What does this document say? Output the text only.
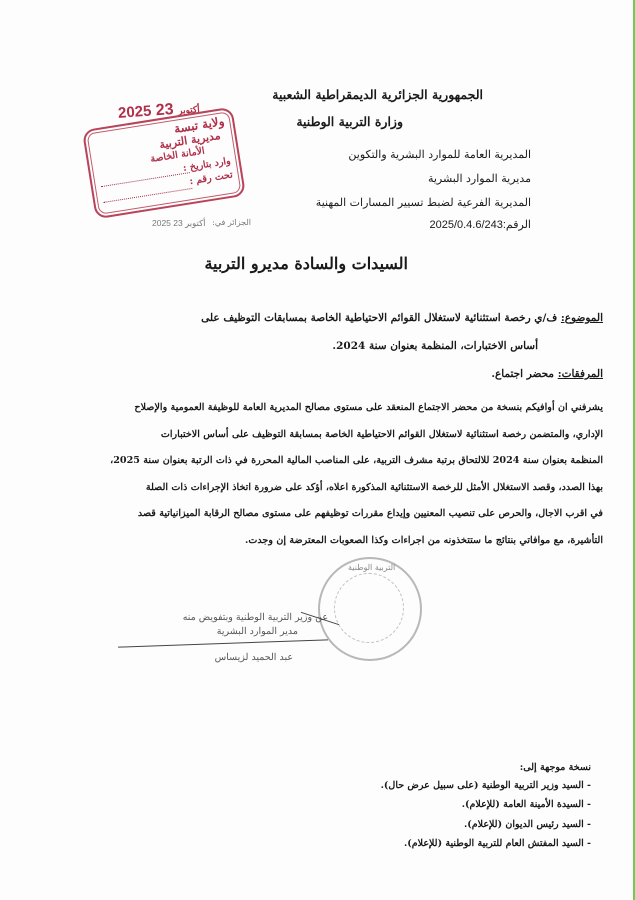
الجمهورية الجزائرية الديمقراطية الشعبية
وزارة التربية الوطنية
المديرية العامة للموارد البشرية والتكوين
مديرية الموارد البشرية
المديرية الفرعية لضبط تسيير المسارات المهنية
الرقم:2025/0.4.6/243
الجزائر في:
2025 أكتوبر 23
2025	أكتوبر 23
ولاية تبسة
مديرية التربية
الأمانة الخاصة
وارد بتاريخ :
تحت رقم :
السيدات والسادة مديرو التربية
الموضوع: ف/ي رخصة استثنائية لاستغلال القوائم الاحتياطية الخاصة بمسابقات التوظيف على
أساس الاختبارات، المنظمة بعنوان سنة 2024.
المرفقات: محضر اجتماع.
يشرفني ان أوافيكم بنسخة من محضر الاجتماع المنعقد على مستوى مصالح المديرية العامة للوظيفة العمومية والإصلاح
الإداري، والمتضمن رخصة استثنائية لاستغلال القوائم الاحتياطية الخاصة بمسابقة التوظيف على أساس الاختبارات
المنظمة بعنوان سنة 2024 للالتحاق برتبة مشرف التربية، على المناصب المالية المحررة في ذات الرتبة بعنوان سنة 2025،
بهذا الصدد، وقصد الاستغلال الأمثل للرخصة الاستثنائية المذكورة اعلاه، أؤكد على ضرورة اتخاذ الإجراءات ذات الصلة
في اقرب الاجال، والحرص على تنصيب المعنيين وإيداع مقررات توظيفهم على مستوى مصالح الرقابة الميزانياتية قصد
التأشيرة، مع موافاتي بنتائج ما ستتخذونه من اجراءات وكذا الصعوبات المعترضة إن وجدت.
التربية الوطنية
عن وزير التربية الوطنية وبتفويض منه
مدير الموارد البشرية
عبد الحميد لزيساس
نسخة موجهة إلى:
- السيد وزير التربية الوطنية (على سبيل عرض حال).
- السيدة الأمينة العامة (للإعلام).
- السيد رئيس الديوان (للإعلام).
- السيد المفتش العام للتربية الوطنية (للإعلام).
